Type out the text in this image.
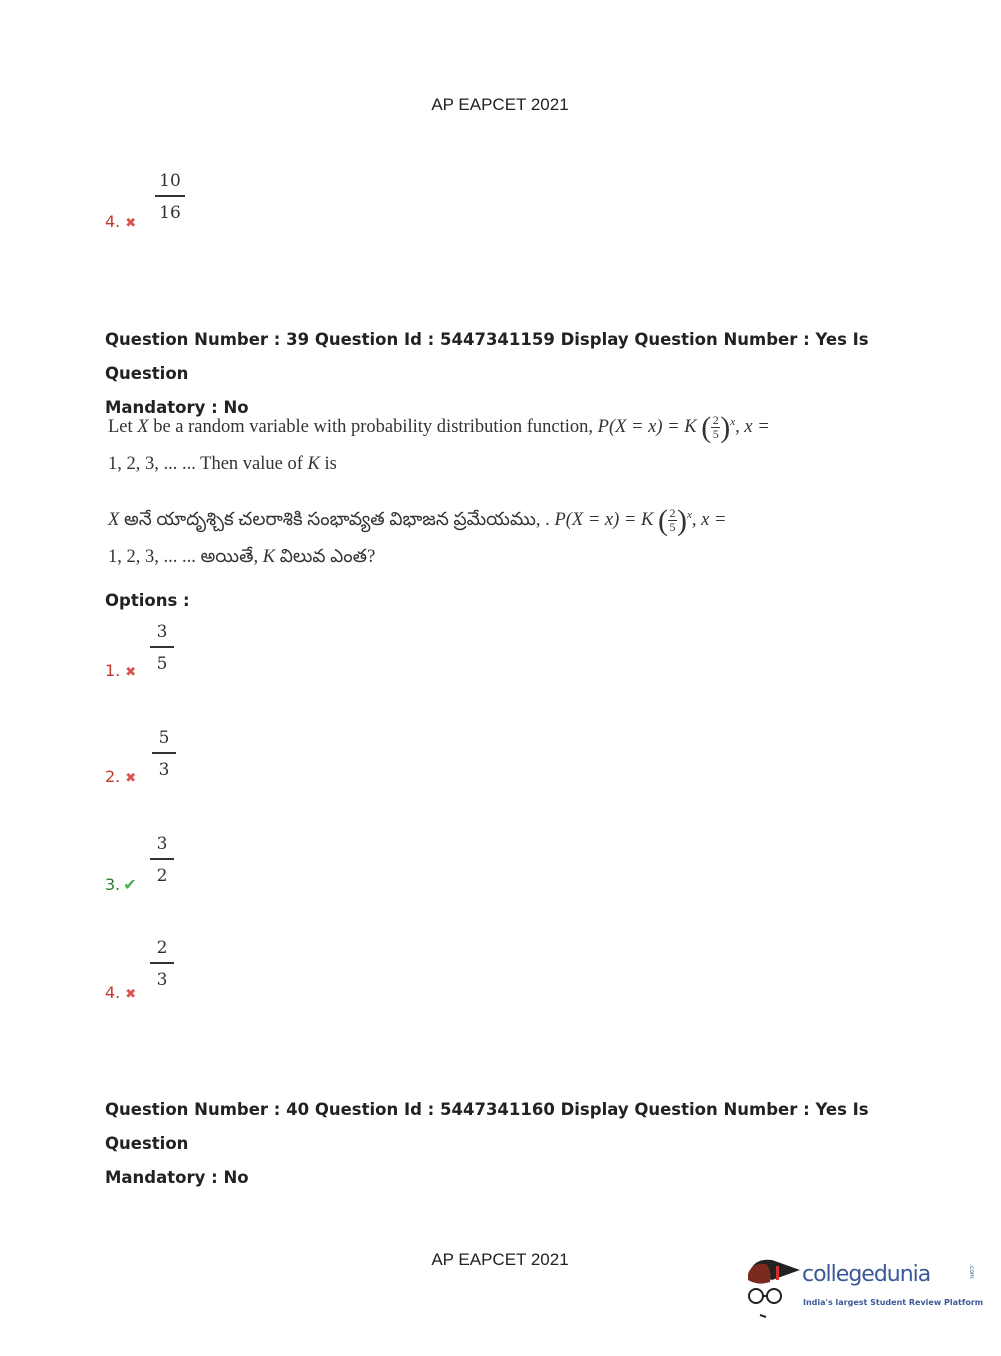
AP EAPCET 2021
4. ✖
10
16
Question Number : 39 Question Id : 5447341159 Display Question Number : Yes Is Question
Mandatory : No
Let X be a random variable with probability distribution function, P(X = x) = K ( $\frac{2}{5} )^x$, x =
1, 2, 3, ... ... Then value of K is
X అనే యాదృశ్చిక చలరాశికి సంభావ్యత విభాజన ప్రమేయము, . P(X = x) = K ( $\frac{2}{5} )^x$, x =
1, 2, 3, ... ... అయితే, K విలువ ఎంత?
Options :
1. ✖
3
5
2. ✖
5
3
3. ✔
3
2
4. ✖
2
3
Question Number : 40 Question Id : 5447341160 Display Question Number : Yes Is Question
Mandatory : No
AP EAPCET 2021
collegedunia	.com
India's largest Student Review Platform
